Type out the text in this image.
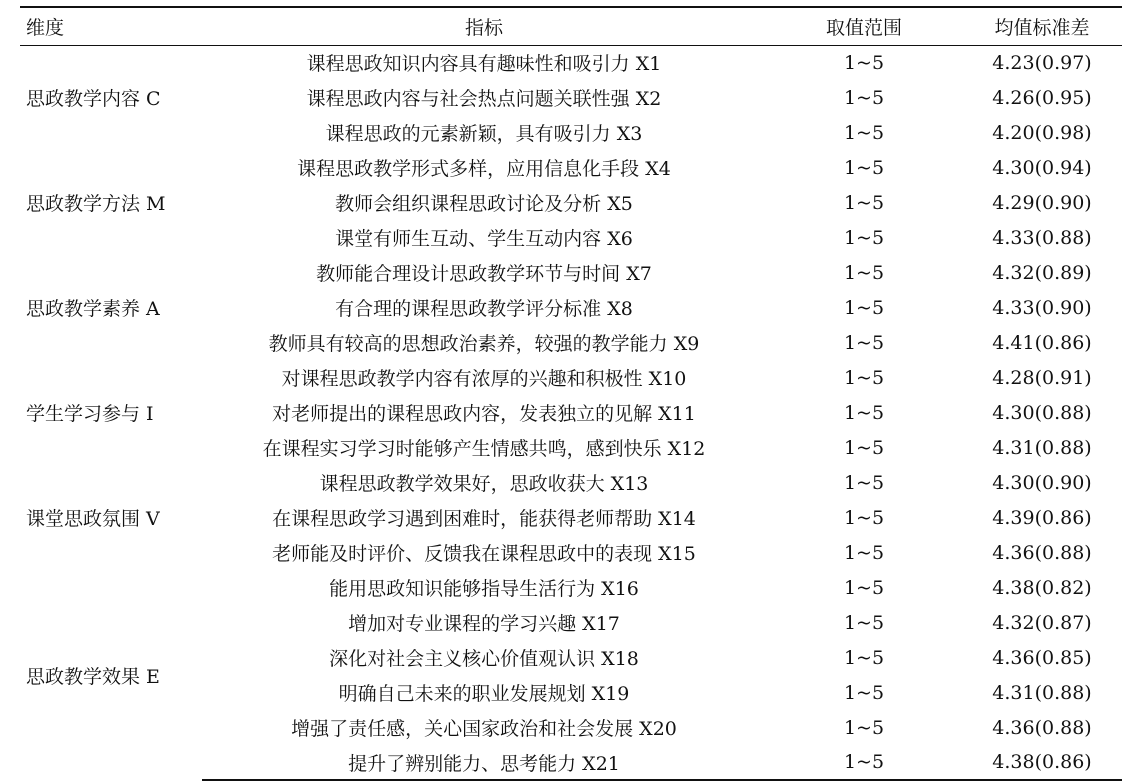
维度	指标	取值范围	均值标准差
思政教学内容 C	课程思政知识内容具有趣味性和吸引力 X1	1~5	4.23(0.97)
	课程思政内容与社会热点问题关联性强 X2	1~5	4.26(0.95)
	课程思政的元素新颖，具有吸引力 X3	1~5	4.20(0.98)
思政教学方法 M	课程思政教学形式多样，应用信息化手段 X4	1~5	4.30(0.94)
	教师会组织课程思政讨论及分析 X5	1~5	4.29(0.90)
	课堂有师生互动、学生互动内容 X6	1~5	4.33(0.88)
思政教学素养 A	教师能合理设计思政教学环节与时间 X7	1~5	4.32(0.89)
	有合理的课程思政教学评分标准 X8	1~5	4.33(0.90)
	教师具有较高的思想政治素养，较强的教学能力 X9	1~5	4.41(0.86)
学生学习参与 I	对课程思政教学内容有浓厚的兴趣和积极性 X10	1~5	4.28(0.91)
	对老师提出的课程思政内容，发表独立的见解 X11	1~5	4.30(0.88)
	在课程实习学习时能够产生情感共鸣，感到快乐 X12	1~5	4.31(0.88)
课堂思政氛围 V	课程思政教学效果好，思政收获大 X13	1~5	4.30(0.90)
	在课程思政学习遇到困难时，能获得老师帮助 X14	1~5	4.39(0.86)
	老师能及时评价、反馈我在课程思政中的表现 X15	1~5	4.36(0.88)
思政教学效果 E	能用思政知识能够指导生活行为 X16	1~5	4.38(0.82)
	增加对专业课程的学习兴趣 X17	1~5	4.32(0.87)
	深化对社会主义核心价值观认识 X18	1~5	4.36(0.85)
	明确自己未来的职业发展规划 X19	1~5	4.31(0.88)
	增强了责任感，关心国家政治和社会发展 X20	1~5	4.36(0.88)
	提升了辨别能力、思考能力 X21	1~5	4.38(0.86)
